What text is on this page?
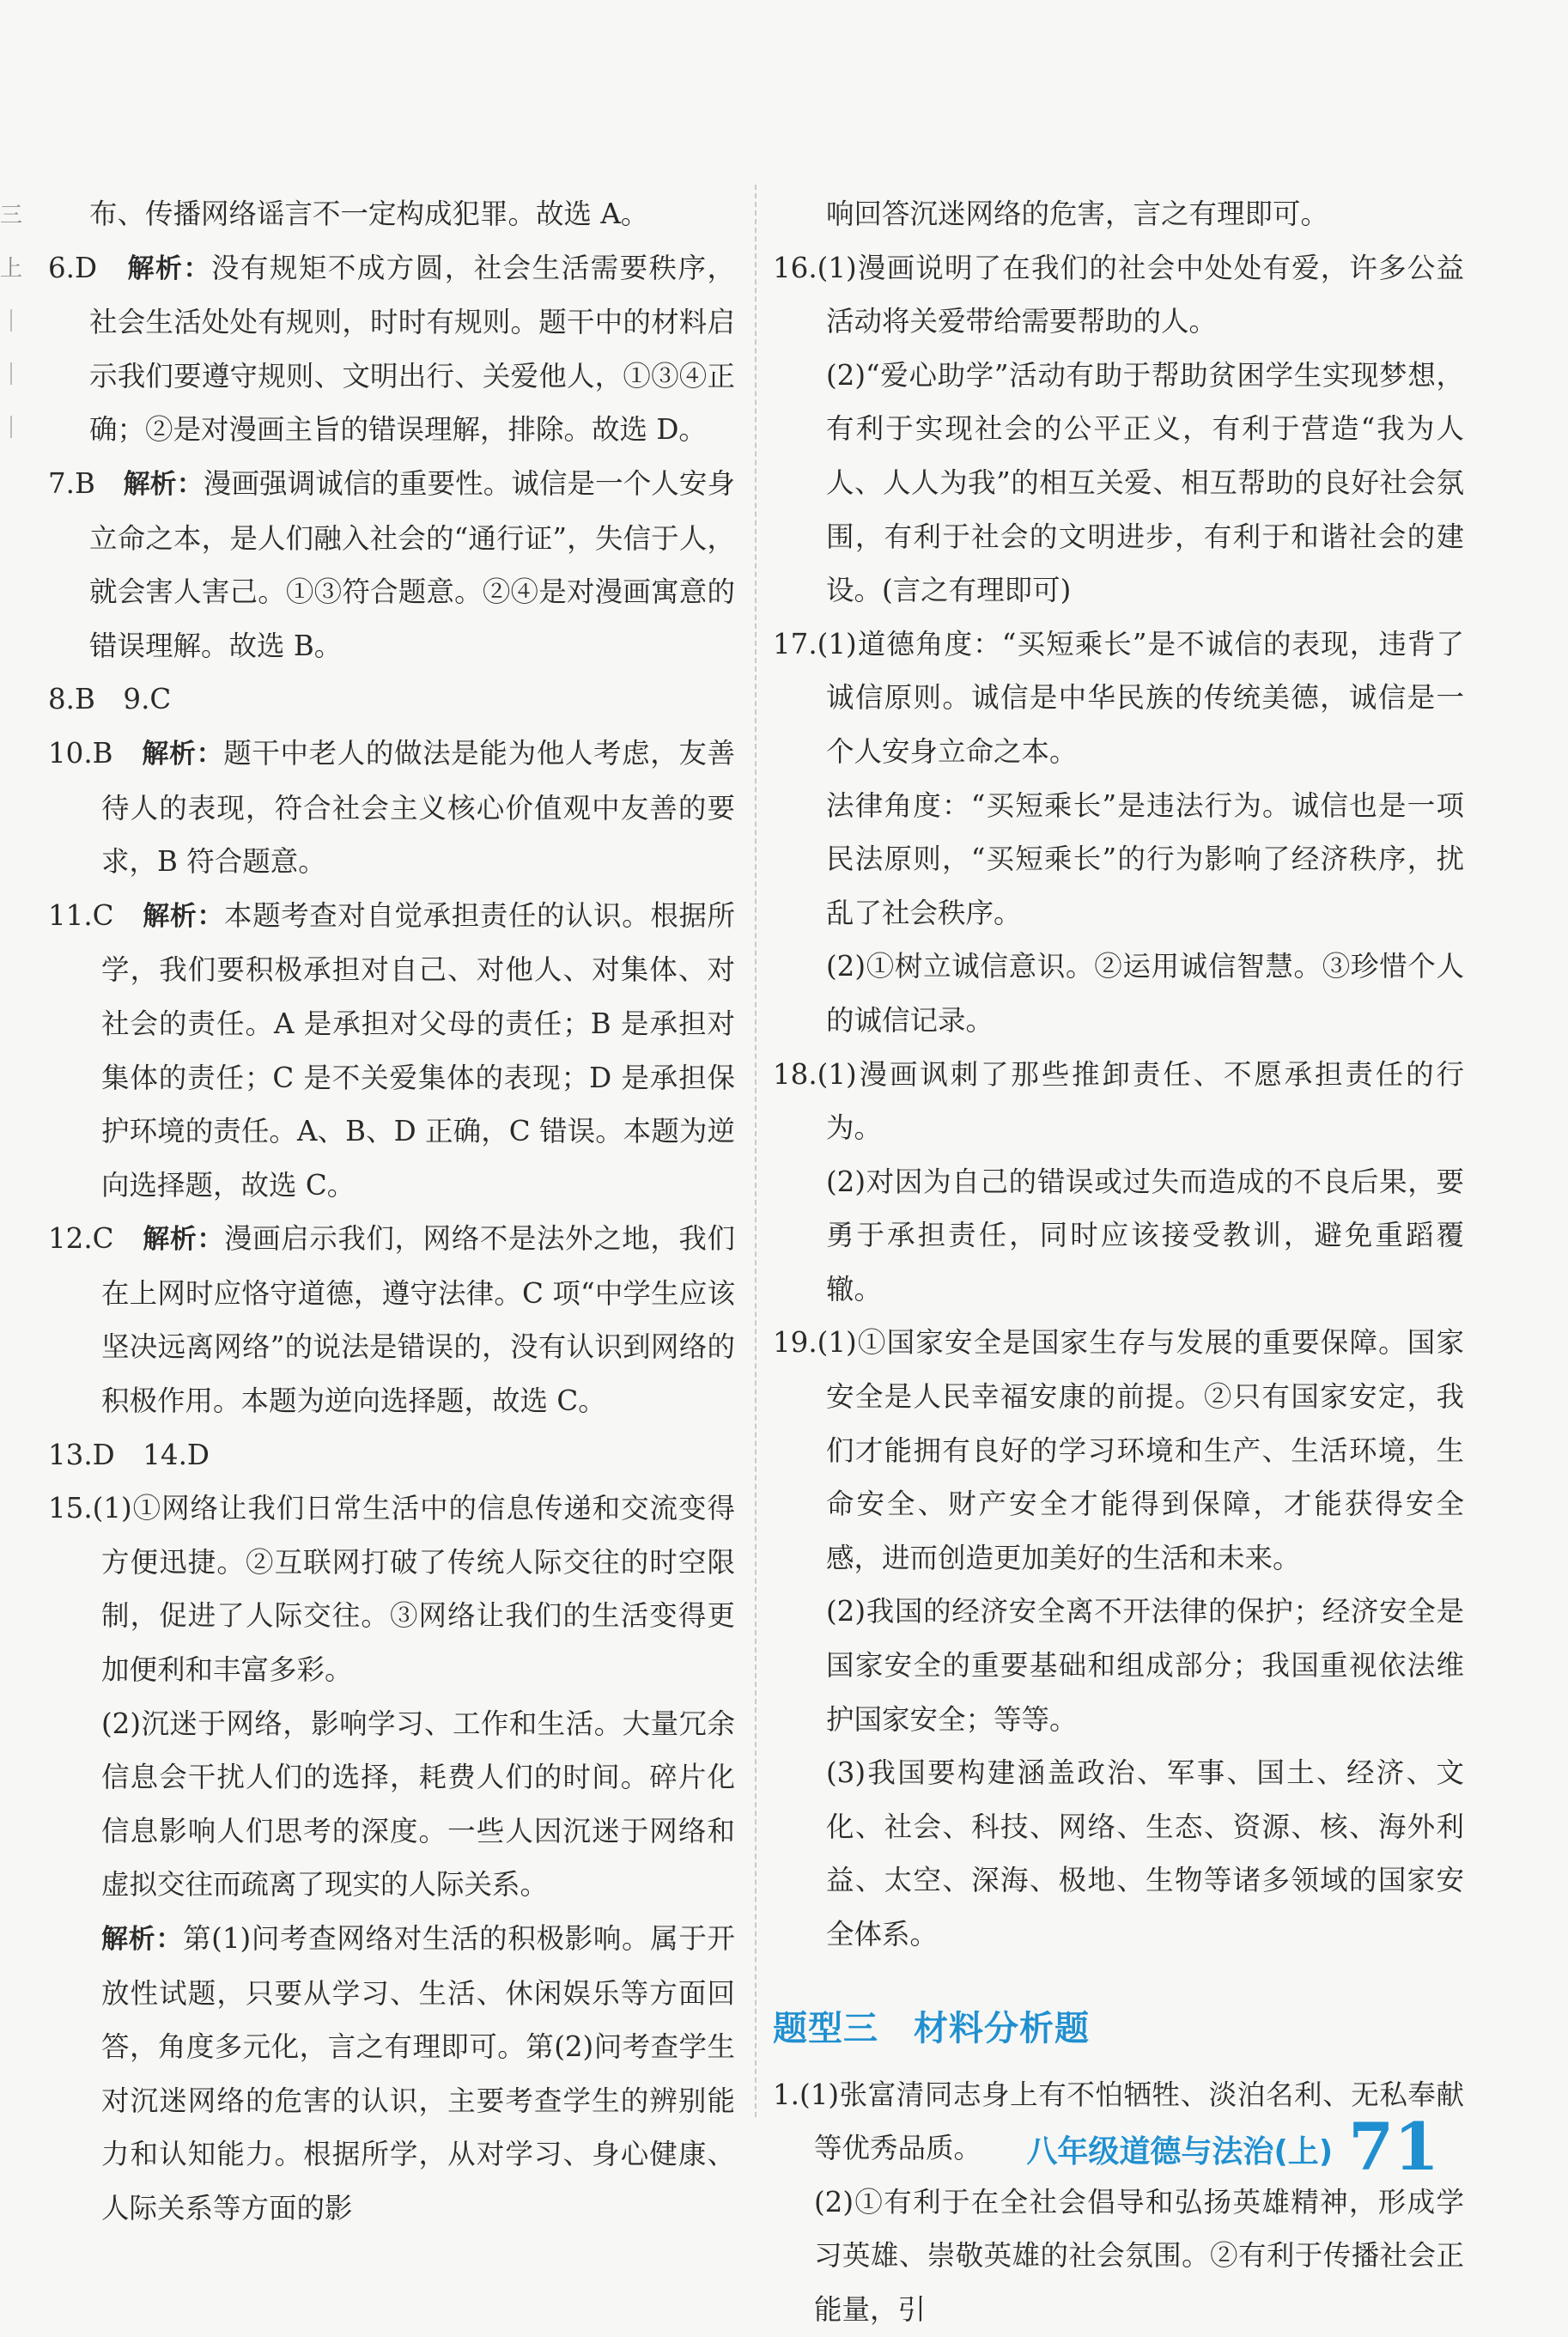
三
上
｜
｜
｜

布、传播网络谣言不一定构成犯罪。故选 A。

6.D　 解析：没有规矩不成方圆，社会生活需要秩序，社会生活处处有规则，时时有规则。题干中的材料启示我们要遵守规则、文明出行、关爱他人，①③④正确；②是对漫画主旨的错误理解，排除。故选 D。

7.B　 解析：漫画强调诚信的重要性。诚信是一个人安身立命之本，是人们融入社会的“通行证”，失信于人，就会害人害己。①③符合题意。②④是对漫画寓意的错误理解。故选 B。

8.B　9.C

10.B　 解析：题干中老人的做法是能为他人考虑，友善待人的表现，符合社会主义核心价值观中友善的要求，B 符合题意。

11.C　 解析：本题考查对自觉承担责任的认识。根据所学，我们要积极承担对自己、对他人、对集体、对社会的责任。A 是承担对父母的责任；B 是承担对集体的责任；C 是不关爱集体的表现；D 是承担保护环境的责任。A、B、D 正确，C 错误。本题为逆向选择题，故选 C。

12.C　 解析：漫画启示我们，网络不是法外之地，我们在上网时应恪守道德，遵守法律。C 项“中学生应该坚决远离网络”的说法是错误的，没有认识到网络的积极作用。本题为逆向选择题，故选 C。

13.D　14.D

15.(1)①网络让我们日常生活中的信息传递和交流变得方便迅捷。②互联网打破了传统人际交往的时空限制，促进了人际交往。③网络让我们的生活变得更加便利和丰富多彩。

(2)沉迷于网络，影响学习、工作和生活。大量冗余信息会干扰人们的选择，耗费人们的时间。碎片化信息影响人们思考的深度。一些人因沉迷于网络和虚拟交往而疏离了现实的人际关系。

解析：第(1)问考查网络对生活的积极影响。属于开放性试题，只要从学习、生活、休闲娱乐等方面回答，角度多元化，言之有理即可。第(2)问考查学生对沉迷网络的危害的认识，主要考查学生的辨别能力和认知能力。根据所学，从对学习、身心健康、人际关系等方面的影

响回答沉迷网络的危害，言之有理即可。

16.(1)漫画说明了在我们的社会中处处有爱，许多公益活动将关爱带给需要帮助的人。

(2)“爱心助学”活动有助于帮助贫困学生实现梦想，有利于实现社会的公平正义，有利于营造“我为人人、人人为我”的相互关爱、相互帮助的良好社会氛围，有利于社会的文明进步，有利于和谐社会的建设。(言之有理即可)

17.(1)道德角度：“买短乘长”是不诚信的表现，违背了诚信原则。诚信是中华民族的传统美德，诚信是一个人安身立命之本。

法律角度：“买短乘长”是违法行为。诚信也是一项民法原则，“买短乘长”的行为影响了经济秩序，扰乱了社会秩序。

(2)①树立诚信意识。②运用诚信智慧。③珍惜个人的诚信记录。

18.(1)漫画讽刺了那些推卸责任、不愿承担责任的行为。

(2)对因为自己的错误或过失而造成的不良后果，要勇于承担责任，同时应该接受教训，避免重蹈覆辙。

19.(1)①国家安全是国家生存与发展的重要保障。国家安全是人民幸福安康的前提。②只有国家安定，我们才能拥有良好的学习环境和生产、生活环境，生命安全、财产安全才能得到保障，才能获得安全感，进而创造更加美好的生活和未来。

(2)我国的经济安全离不开法律的保护；经济安全是国家安全的重要基础和组成部分；我国重视依法维护国家安全；等等。

(3)我国要构建涵盖政治、军事、国土、经济、文化、社会、科技、网络、生态、资源、核、海外利益、太空、深海、极地、生物等诸多领域的国家安全体系。

题型三　材料分析题

1.(1)张富清同志身上有不怕牺牲、淡泊名利、无私奉献等优秀品质。

(2)①有利于在全社会倡导和弘扬英雄精神，形成学习英雄、崇敬英雄的社会氛围。②有利于传播社会正能量，引

八年级道德与法治(上) 71
